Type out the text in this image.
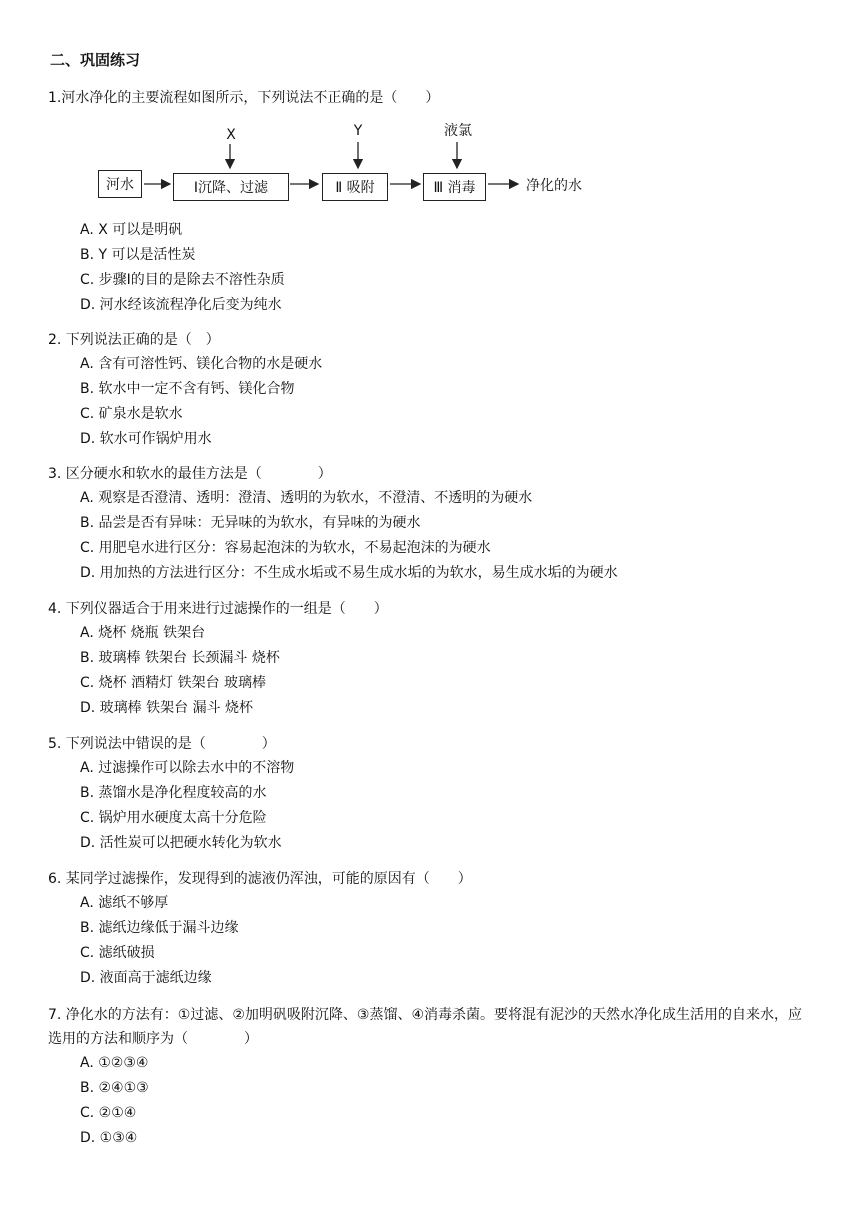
二、巩固练习

1.河水净化的主要流程如图所示，下列说法不正确的是（　　）

X	Y	液氯
河水	Ⅰ沉降、过滤	Ⅱ 吸附	Ⅲ 消毒	净化的水
A. X 可以是明矾
B. Y 可以是活性炭
C. 步骤Ⅰ的目的是除去不溶性杂质
D. 河水经该流程净化后变为纯水

2. 下列说法正确的是（　）

A. 含有可溶性钙、镁化合物的水是硬水
B. 软水中一定不含有钙、镁化合物
C. 矿泉水是软水
D. 软水可作锅炉用水

3. 区分硬水和软水的最佳方法是（　　　　）

A. 观察是否澄清、透明：澄清、透明的为软水，不澄清、不透明的为硬水
B. 品尝是否有异味：无异味的为软水，有异味的为硬水
C. 用肥皂水进行区分：容易起泡沫的为软水，不易起泡沫的为硬水
D. 用加热的方法进行区分：不生成水垢或不易生成水垢的为软水，易生成水垢的为硬水

4. 下列仪器适合于用来进行过滤操作的一组是（　　）

A. 烧杯 烧瓶 铁架台
B. 玻璃棒 铁架台 长颈漏斗 烧杯
C. 烧杯 酒精灯 铁架台 玻璃棒
D. 玻璃棒 铁架台 漏斗 烧杯

5. 下列说法中错误的是（　　　　）

A. 过滤操作可以除去水中的不溶物
B. 蒸馏水是净化程度较高的水
C. 锅炉用水硬度太高十分危险
D. 活性炭可以把硬水转化为软水

6. 某同学过滤操作，发现得到的滤液仍浑浊，可能的原因有（　　）

A. 滤纸不够厚
B. 滤纸边缘低于漏斗边缘
C. 滤纸破损
D. 液面高于滤纸边缘

7. 净化水的方法有：①过滤、②加明矾吸附沉降、③蒸馏、④消毒杀菌。要将混有泥沙的天然水净化成生活用的自来水，应选用的方法和顺序为（　　　　）

A. ①②③④
B. ②④①③
C. ②①④
D. ①③④
